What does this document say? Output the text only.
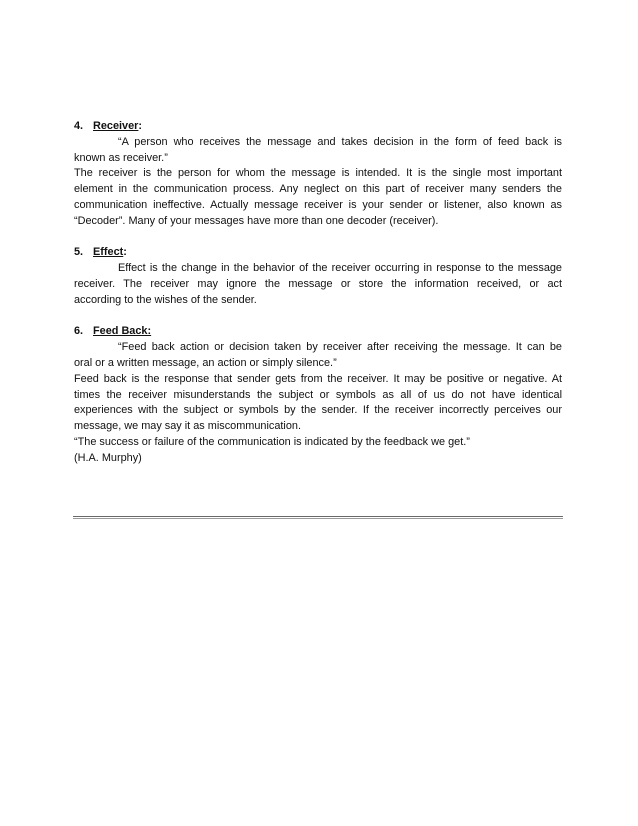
4. Receiver:
“A person who receives the message and takes decision in the form of feed back is
known as receiver.”
The receiver is the person for whom the message is intended. It is the single most important
element in the communication process. Any neglect on this part of receiver many senders the
communication ineffective. Actually message receiver is your sender or listener, also known as
“Decoder”. Many of your messages have more than one decoder (receiver).
5. Effect:
Effect is the change in the behavior of the receiver occurring in response to the message
receiver. The receiver may ignore the message or store the information received, or act
according to the wishes of the sender.
6. Feed Back:
“Feed back action or decision taken by receiver after receiving the message. It can be
oral or a written message, an action or simply silence.”
Feed back is the response that sender gets from the receiver. It may be positive or negative. At
times the receiver misunderstands the subject or symbols as all of us do not have identical
experiences with the subject or symbols by the sender. If the receiver incorrectly perceives our
message, we may say it as miscommunication.
“The success or failure of the communication is indicated by the feedback we get.”
(H.A. Murphy)
